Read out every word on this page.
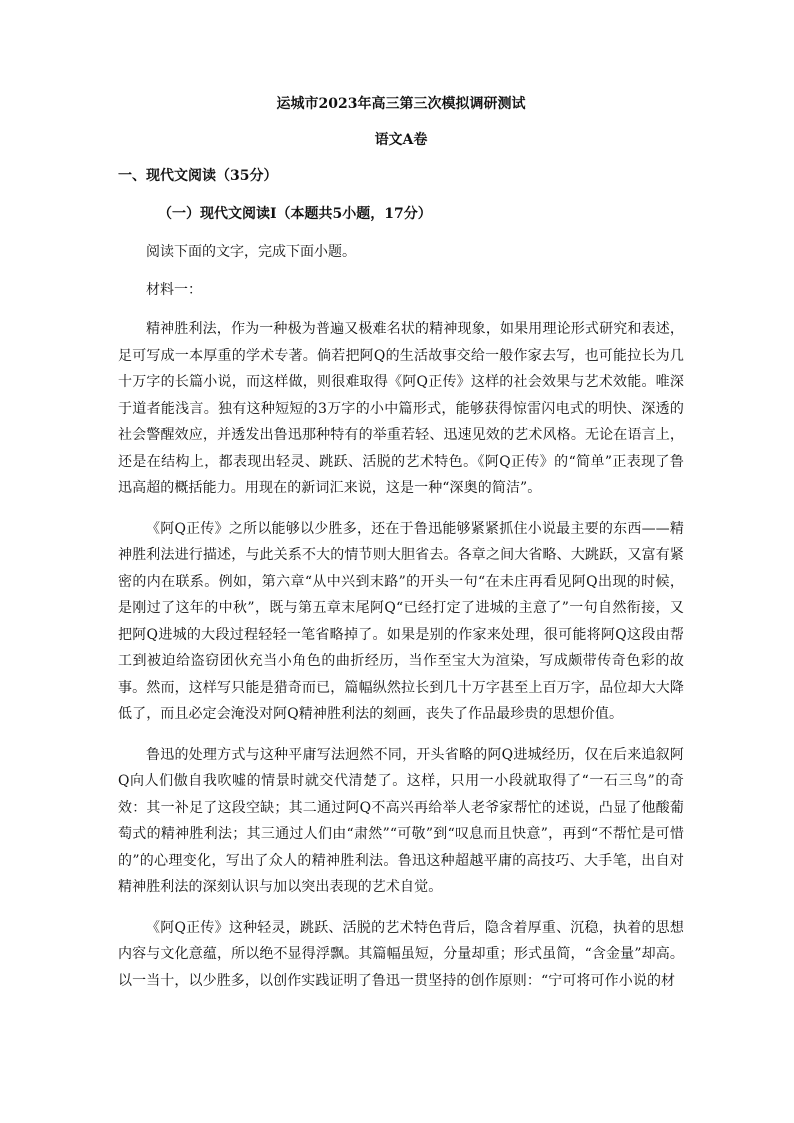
运城市2023年高三第三次模拟调研测试
语文A卷
一、现代文阅读（35分）
（一）现代文阅读Ⅰ（本题共5小题，17分）
阅读下面的文字，完成下面小题。
材料一：

精神胜利法，作为一种极为普遍又极难名状的精神现象，如果用理论形式研究和表述，足可写成一本厚重的学术专著。倘若把阿Q的生活故事交给一般作家去写，也可能拉长为几十万字的长篇小说，而这样做，则很难取得《阿Q正传》这样的社会效果与艺术效能。唯深于道者能浅言。独有这种短短的3万字的小中篇形式，能够获得惊雷闪电式的明快、深透的社会警醒效应，并透发出鲁迅那种特有的举重若轻、迅速见效的艺术风格。无论在语言上，还是在结构上，都表现出轻灵、跳跃、活脱的艺术特色。《阿Q正传》的“简单”正表现了鲁迅高超的概括能力。用现在的新词汇来说，这是一种“深奥的简洁”。

《阿Q正传》之所以能够以少胜多，还在于鲁迅能够紧紧抓住小说最主要的东西——精神胜利法进行描述，与此关系不大的情节则大胆省去。各章之间大省略、大跳跃，又富有紧密的内在联系。例如，第六章“从中兴到末路”的开头一句“在未庄再看见阿Q出现的时候，是刚过了这年的中秋”，既与第五章末尾阿Q“已经打定了进城的主意了”一句自然衔接，又把阿Q进城的大段过程轻轻一笔省略掉了。如果是别的作家来处理，很可能将阿Q这段由帮工到被迫给盗窃团伙充当小角色的曲折经历，当作至宝大为渲染，写成颇带传奇色彩的故事。然而，这样写只能是猎奇而已，篇幅纵然拉长到几十万字甚至上百万字，品位却大大降低了，而且必定会淹没对阿Q精神胜利法的刻画，丧失了作品最珍贵的思想价值。

鲁迅的处理方式与这种平庸写法迥然不同，开头省略的阿Q进城经历，仅在后来追叙阿Q向人们傲自我吹嘘的情景时就交代清楚了。这样，只用一小段就取得了“一石三鸟”的奇效：其一补足了这段空缺；其二通过阿Q不高兴再给举人老爷家帮忙的述说，凸显了他酸葡萄式的精神胜利法；其三通过人们由“肃然”“可敬”到“叹息而且快意”，再到“不帮忙是可惜的”的心理变化，写出了众人的精神胜利法。鲁迅这种超越平庸的高技巧、大手笔，出自对精神胜利法的深刻认识与加以突出表现的艺术自觉。

《阿Q正传》这种轻灵，跳跃、活脱的艺术特色背后，隐含着厚重、沉稳，执着的思想内容与文化意蕴，所以绝不显得浮飘。其篇幅虽短，分量却重；形式虽简，“含金量”却高。以一当十，以少胜多，以创作实践证明了鲁迅一贯坚持的创作原则：“宁可将可作小说的材
